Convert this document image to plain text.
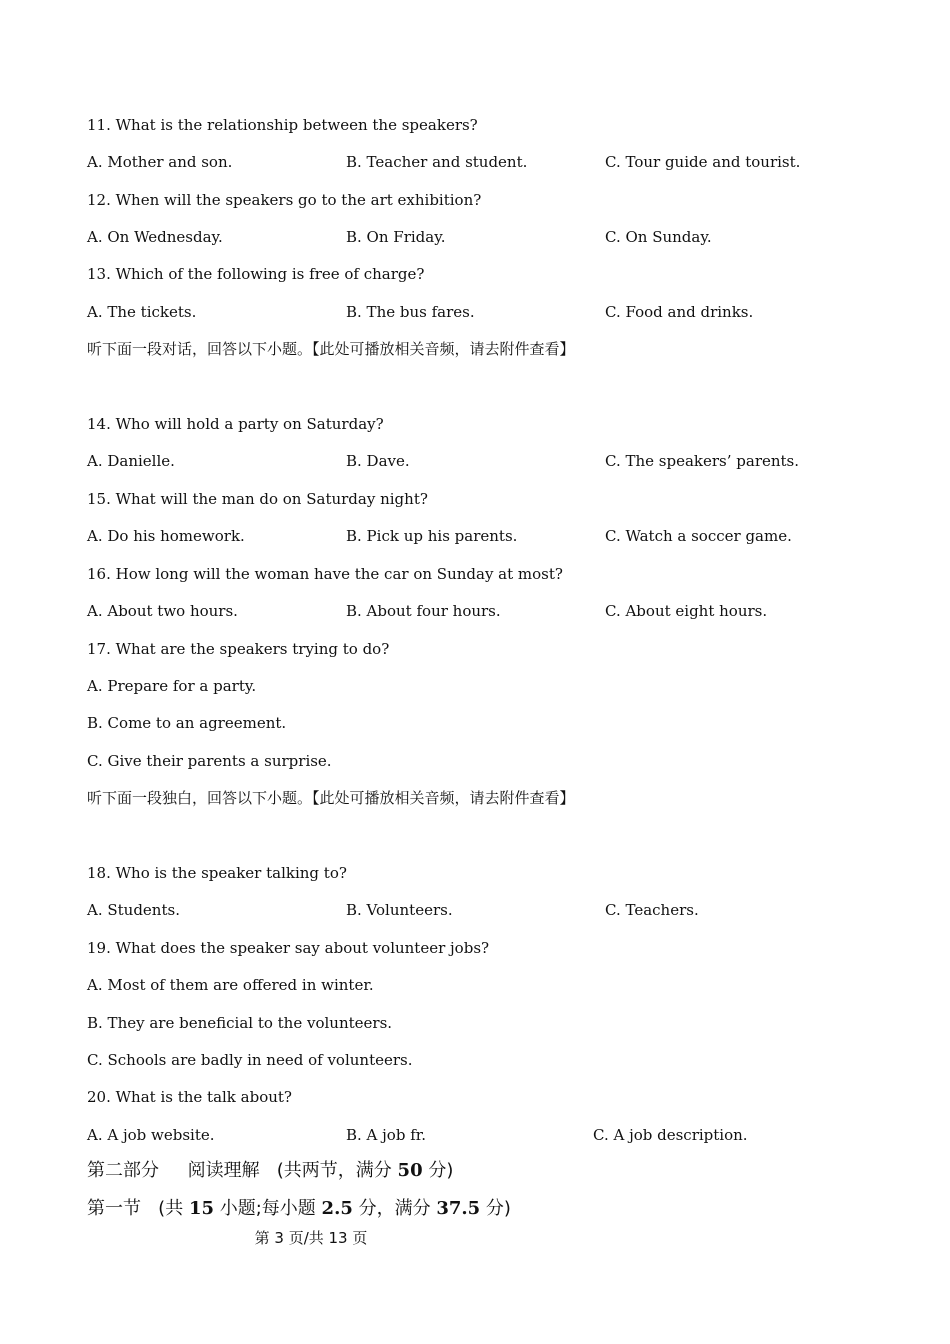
11. What is the relationship between the speakers?
A. Mother and son.	B. Teacher and student.	C. Tour guide and tourist.
12. When will the speakers go to the art exhibition?
A. On Wednesday.	B. On Friday.	C. On Sunday.
13. Which of the following is free of charge?
A. The tickets.	B. The bus fares.	C. Food and drinks.
听下面一段对话，回答以下小题。【此处可播放相关音频，请去附件查看】
14. Who will hold a party on Saturday?
A. Danielle.	B. Dave.	C. The speakers’ parents.
15. What will the man do on Saturday night?
A. Do his homework.	B. Pick up his parents.	C. Watch a soccer game.
16. How long will the woman have the car on Sunday at most?
A. About two hours.	B. About four hours.	C. About eight hours.
17. What are the speakers trying to do?
A. Prepare for a party.
B. Come to an agreement.
C. Give their parents a surprise.
听下面一段独白，回答以下小题。【此处可播放相关音频，请去附件查看】
18. Who is the speaker talking to?
A. Students.	B. Volunteers.	C. Teachers.
19. What does the speaker say about volunteer jobs?
A. Most of them are offered in winter.
B. They are beneficial to the volunteers.
C. Schools are badly in need of volunteers.
20. What is the talk about?
A. A job website.	B. A job fr.	C. A job description.
第二部分 阅读理解 (共两节，满分 50 分)
第一节 (共 15 小题;每小题 2.5 分，满分 37.5 分)
第 3 页/共 13 页
